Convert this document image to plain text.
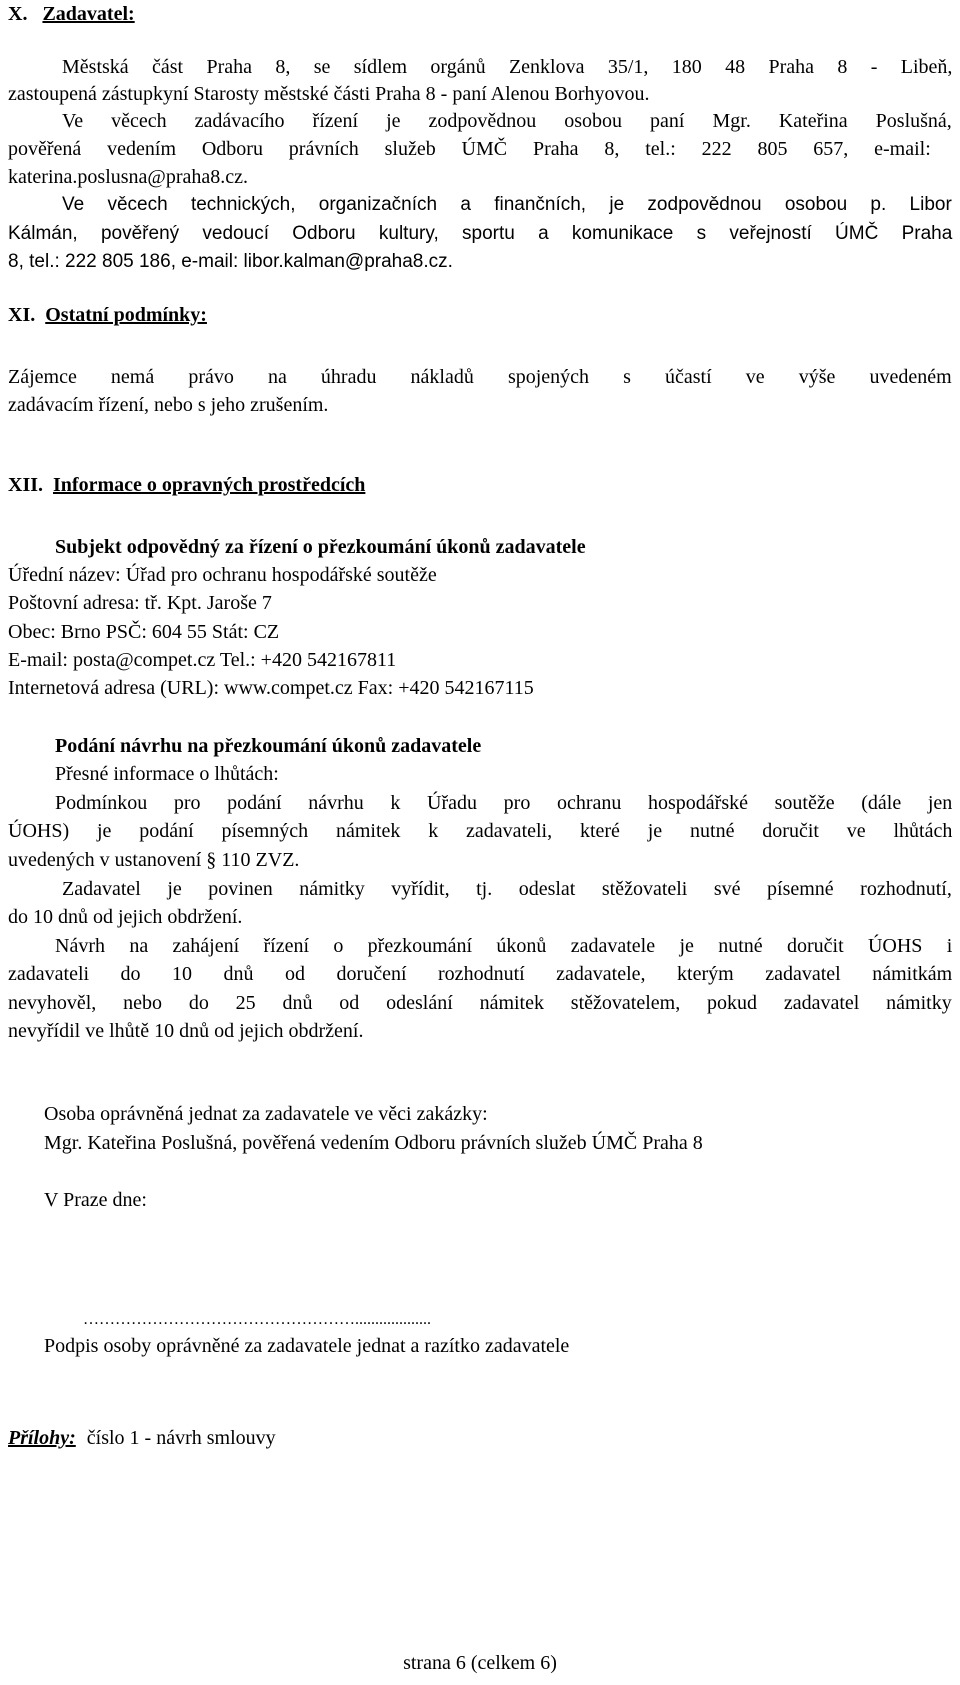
X. Zadavatel:
Městská část Praha 8, se sídlem orgánů Zenklova 35/1, 180 48 Praha 8 - Libeň,
zastoupená zástupkyní Starosty městské části Praha 8 - paní Alenou Borhyovou.
Ve věcech zadávacího řízení je zodpovědnou osobou paní Mgr. Kateřina Poslušná,
pověřená vedením Odboru právních služeb ÚMČ Praha 8, tel.: 222 805 657, e-mail:
katerina.poslusna@praha8.cz.
Ve věcech technických, organizačních a finančních, je zodpovědnou osobou p. Libor
Kálmán, pověřený vedoucí Odboru kultury, sportu a komunikace s veřejností ÚMČ Praha
8, tel.: 222 805 186, e-mail: libor.kalman@praha8.cz.
XI. Ostatní podmínky:
Zájemce nemá právo na úhradu nákladů spojených s účastí ve výše uvedeném
zadávacím řízení, nebo s jeho zrušením.
XII. Informace o opravných prostředcích
Subjekt odpovědný za řízení o přezkoumání úkonů zadavatele
Úřední název: Úřad pro ochranu hospodářské soutěže
Poštovní adresa: tř. Kpt. Jaroše 7
Obec: Brno PSČ: 604 55 Stát: CZ
E-mail: posta@compet.cz Tel.: +420 542167811
Internetová adresa (URL): www.compet.cz Fax: +420 542167115
Podání návrhu na přezkoumání úkonů zadavatele
Přesné informace o lhůtách:
Podmínkou pro podání návrhu k Úřadu pro ochranu hospodářské soutěže (dále jen
ÚOHS) je podání písemných námitek k zadavateli, které je nutné doručit ve lhůtách
uvedených v ustanovení § 110 ZVZ.
Zadavatel je povinen námitky vyřídit, tj. odeslat stěžovateli své písemné rozhodnutí,
do 10 dnů od jejich obdržení.
Návrh na zahájení řízení o přezkoumání úkonů zadavatele je nutné doručit ÚOHS i
zadavateli do 10 dnů od doručení rozhodnutí zadavatele, kterým zadavatel námitkám
nevyhověl, nebo do 25 dnů od odeslání námitek stěžovatelem, pokud zadavatel námitky
nevyřídil ve lhůtě 10 dnů od jejich obdržení.
Osoba oprávněná jednat za zadavatele ve věci zakázky:
Mgr. Kateřina Poslušná, pověřená vedením Odboru právních služeb ÚMČ Praha 8
V Praze dne:
……………………………………………...................
Podpis osoby oprávněné za zadavatele jednat a razítko zadavatele
Přílohy: číslo 1 - návrh smlouvy
strana 6 (celkem 6)
